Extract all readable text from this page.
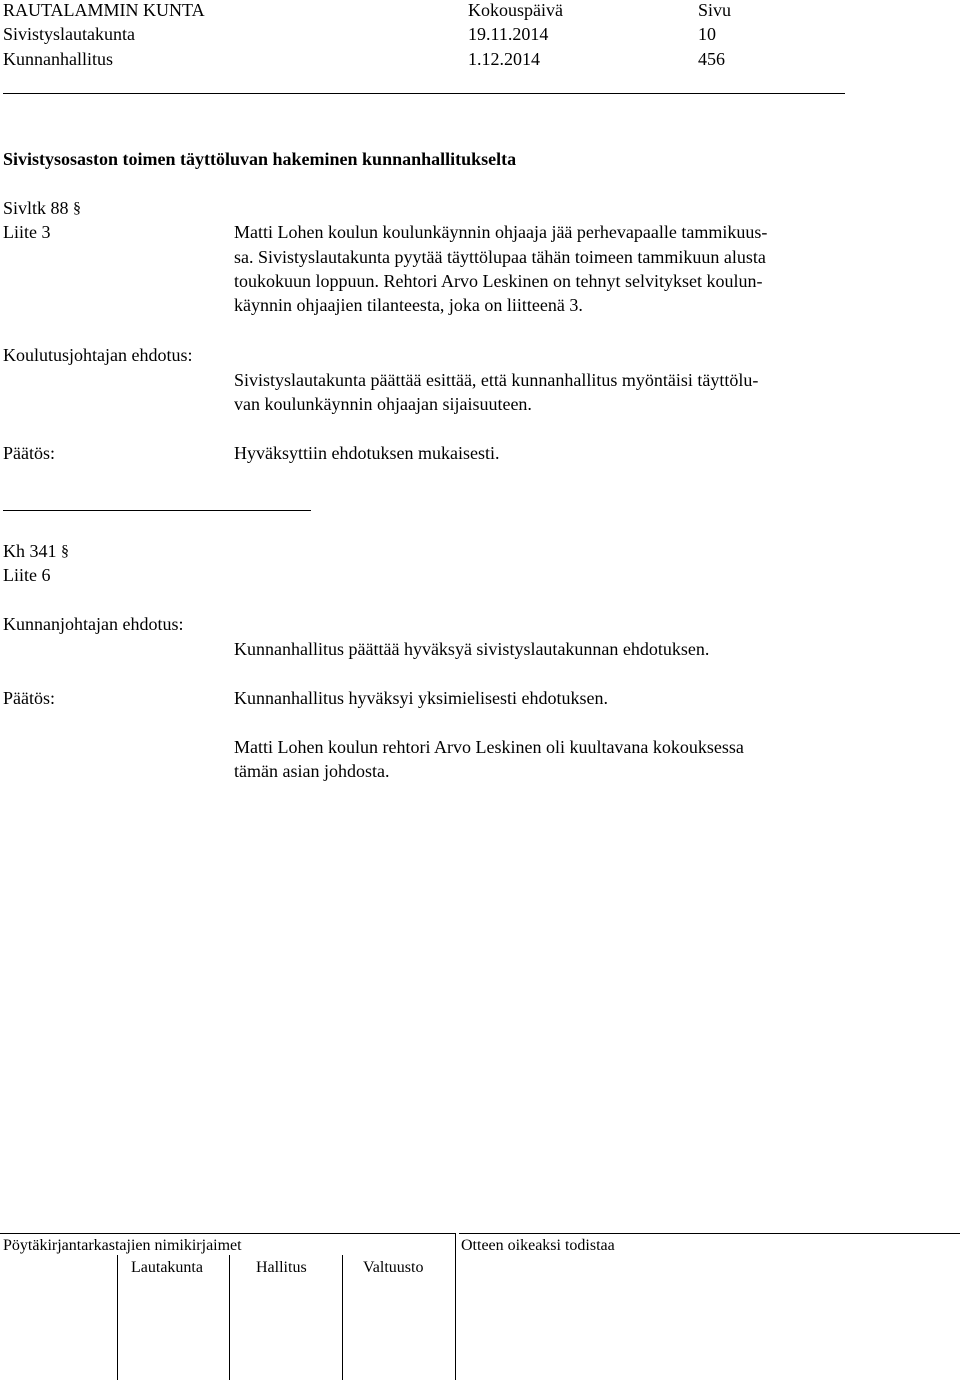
RAUTALAMMIN KUNTA	Kokouspäivä	Sivu
Sivistyslautakunta	19.11.2014	10
Kunnanhallitus	1.12.2014	456
Sivistysosaston toimen täyttöluvan hakeminen kunnanhallitukselta
Sivltk 88 §
Liite 3	Matti Lohen koulun koulunkäynnin ohjaaja jää perhevapaalle tammikuus-
sa. Sivistyslautakunta pyytää täyttölupaa tähän toimeen tammikuun alusta
toukokuun loppuun. Rehtori Arvo Leskinen on tehnyt selvitykset koulun-
käynnin ohjaajien tilanteesta, joka on liitteenä 3.
Koulutusjohtajan ehdotus:
Sivistyslautakunta päättää esittää, että kunnanhallitus myöntäisi täyttölu-
van koulunkäynnin ohjaajan sijaisuuteen.
Päätös:	Hyväksyttiin ehdotuksen mukaisesti.
Kh 341 §
Liite 6
Kunnanjohtajan ehdotus:
Kunnanhallitus päättää hyväksyä sivistyslautakunnan ehdotuksen.
Päätös:	Kunnanhallitus hyväksyi yksimielisesti ehdotuksen.
Matti Lohen koulun rehtori Arvo Leskinen oli kuultavana kokouksessa
tämän asian johdosta.
Pöytäkirjantarkastajien nimikirjaimet	Otteen oikeaksi todistaa
Lautakunta	Hallitus	Valtuusto
